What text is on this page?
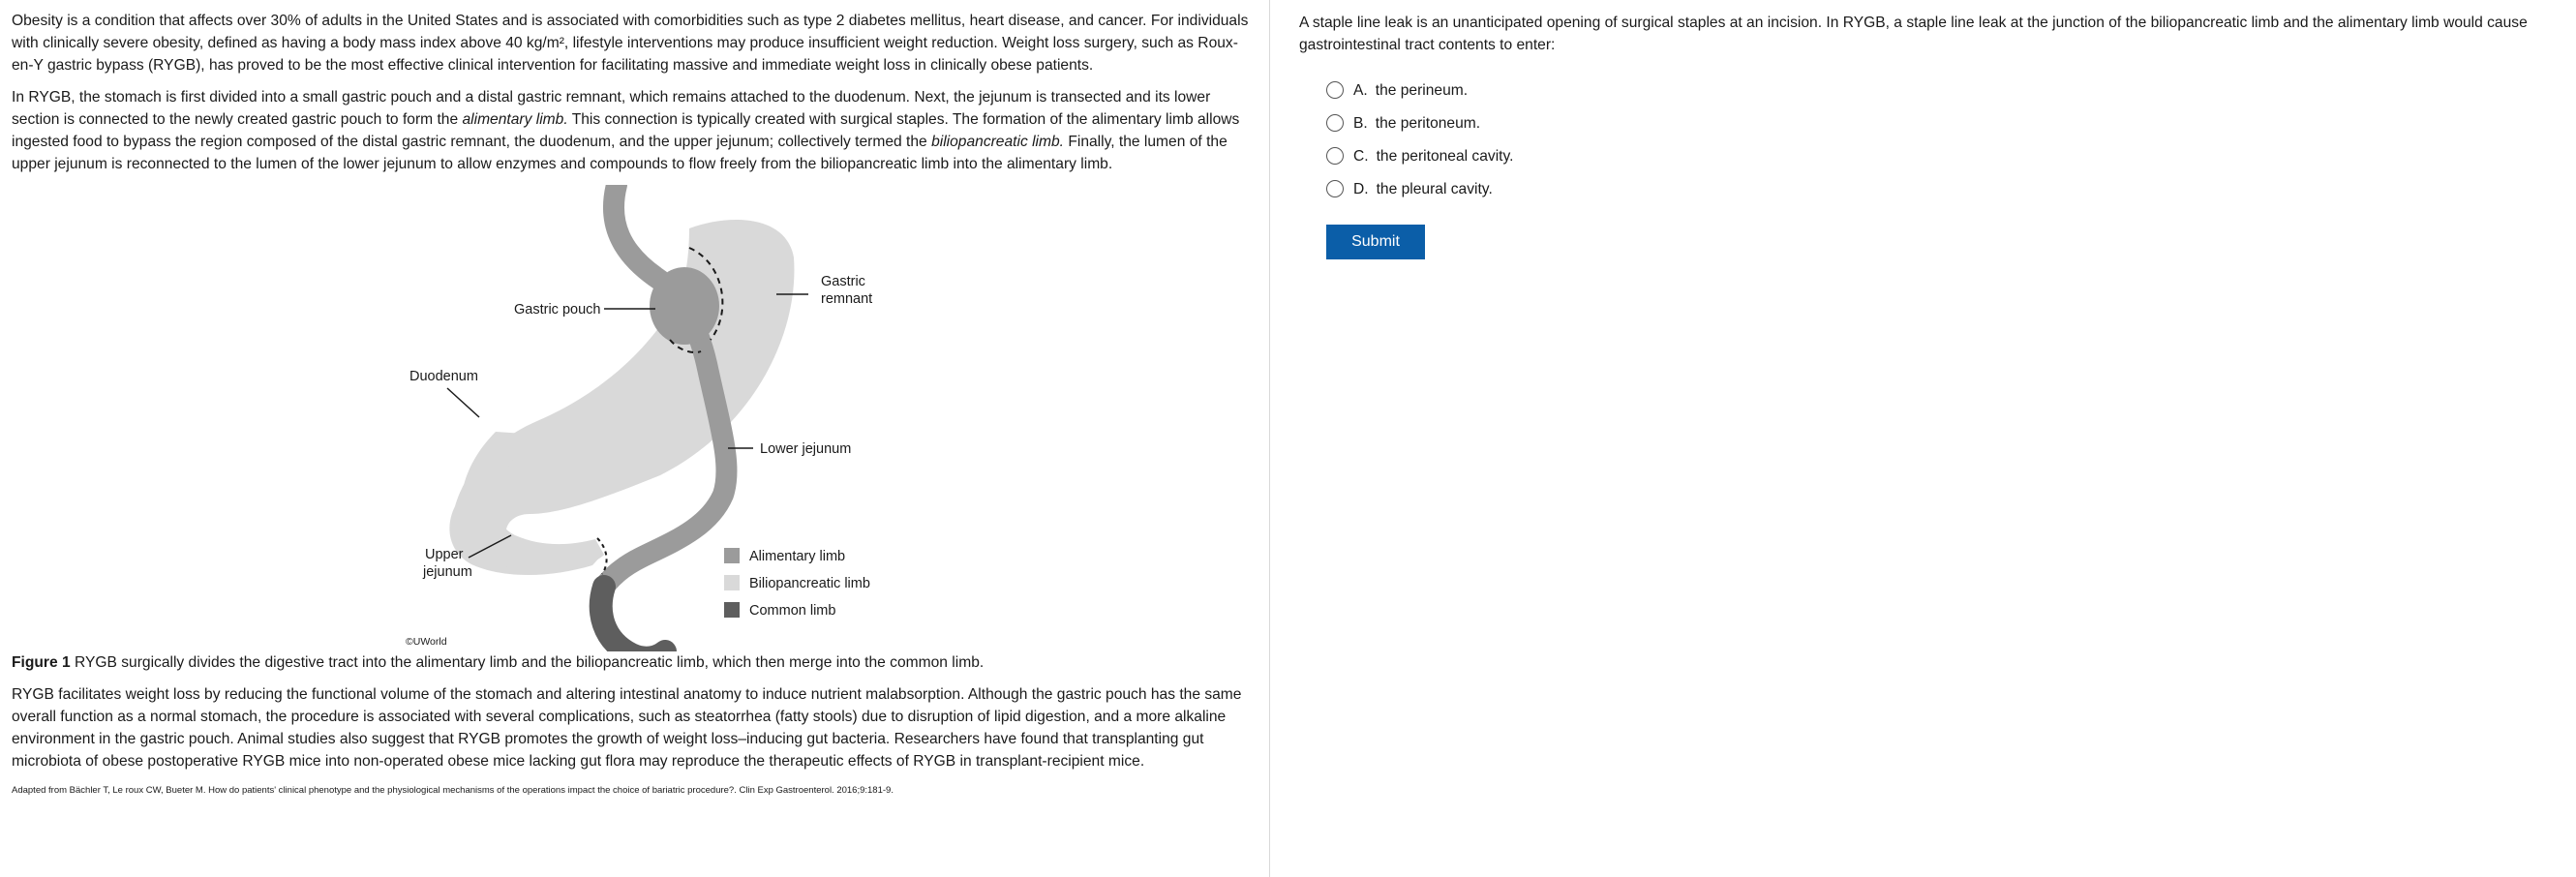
Obesity is a condition that affects over 30% of adults in the United States and is associated with comorbidities such as type 2 diabetes mellitus, heart disease, and cancer. For individuals with clinically severe obesity, defined as having a body mass index above 40 kg/m², lifestyle interventions may produce insufficient weight reduction. Weight loss surgery, such as Roux-en-Y gastric bypass (RYGB), has proved to be the most effective clinical intervention for facilitating massive and immediate weight loss in clinically obese patients.

In RYGB, the stomach is first divided into a small gastric pouch and a distal gastric remnant, which remains attached to the duodenum. Next, the jejunum is transected and its lower section is connected to the newly created gastric pouch to form the alimentary limb. This connection is typically created with surgical staples. The formation of the alimentary limb allows ingested food to bypass the region composed of the distal gastric remnant, the duodenum, and the upper jejunum; collectively termed the biliopancreatic limb. Finally, the lumen of the upper jejunum is reconnected to the lumen of the lower jejunum to allow enzymes and compounds to flow freely from the biliopancreatic limb into the alimentary limb.

Gastric pouch
Gastric
remnant
Duodenum
Lower jejunum
Upper
jejunum
©UWorld
Alimentary limb
Biliopancreatic limb
Common limb

Figure 1 RYGB surgically divides the digestive tract into the alimentary limb and the biliopancreatic limb, which then merge into the common limb.

RYGB facilitates weight loss by reducing the functional volume of the stomach and altering intestinal anatomy to induce nutrient malabsorption. Although the gastric pouch has the same overall function as a normal stomach, the procedure is associated with several complications, such as steatorrhea (fatty stools) due to disruption of lipid digestion, and a more alkaline environment in the gastric pouch. Animal studies also suggest that RYGB promotes the growth of weight loss–inducing gut bacteria. Researchers have found that transplanting gut microbiota of obese postoperative RYGB mice into non-operated obese mice lacking gut flora may reproduce the therapeutic effects of RYGB in transplant-recipient mice.

Adapted from Bächler T, Le roux CW, Bueter M. How do patients' clinical phenotype and the physiological mechanisms of the operations impact the choice of bariatric procedure?. Clin Exp Gastroenterol. 2016;9:181-9.

A staple line leak is an unanticipated opening of surgical staples at an incision. In RYGB, a staple line leak at the junction of the biliopancreatic limb and the alimentary limb would cause gastrointestinal tract contents to enter:

A. the perineum.
B. the peritoneum.
C. the peritoneal cavity.
D. the pleural cavity.
Submit
